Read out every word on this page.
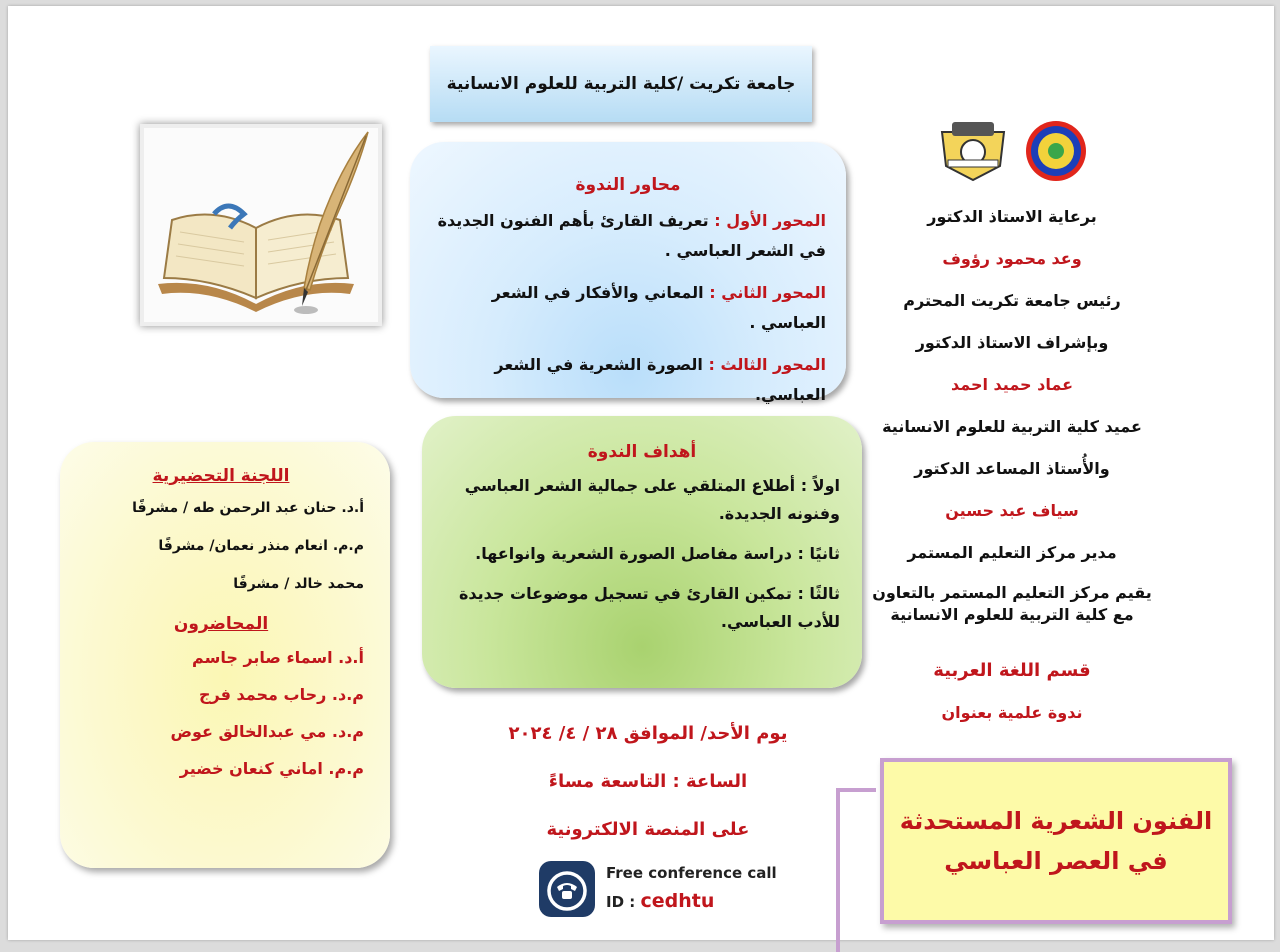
جامعة تكريت /كلية التربية للعلوم الانسانية
محاور الندوة

المحور الأول : تعريف القارئ بأهم الفنون الجديدة في الشعر العباسي .

المحور الثاني : المعاني والأفكار في الشعر العباسي .

المحور الثالث : الصورة الشعرية في الشعر العباسي.

أهداف الندوة

اولاً : أطلاع المتلقي على جمالية الشعر العباسي وفنونه الجديدة.

ثانيًا : دراسة مفاصل الصورة الشعرية وانواعها.

ثالثًا : تمكين القارئ في تسجيل موضوعات جديدة للأدب العباسي.

اللجنة التحضيرية
أ.د. حنان عبد الرحمن طه / مشرفًا
م.م. انعام منذر نعمان/ مشرفًا
محمد خالد / مشرفًا
المحاضرون
أ.د. اسماء صابر جاسم
م.د. رحاب محمد فرج
م.د. مي عبدالخالق عوض
م.م. اماني كنعان خضير
برعاية الاستاذ الدكتور
وعد محمود رؤوف
رئيس جامعة تكريت المحترم
وبإشراف الاستاذ الدكتور
عماد حميد احمد
عميد كلية التربية للعلوم الانسانية
والأُستاذ المساعد الدكتور
سياف عبد حسين
مدير مركز التعليم المستمر
يقيم مركز التعليم المستمر بالتعاون مع كلية التربية للعلوم الانسانية
قسم اللغة العربية
ندوة علمية بعنوان
يوم الأحد/ الموافق ٢٨ / ٤/ ٢٠٢٤
الساعة : التاسعة مساءً
على المنصة الالكترونية
Free conference call
ID : cedhtu
الفنون الشعرية المستحدثة
في العصر العباسي
